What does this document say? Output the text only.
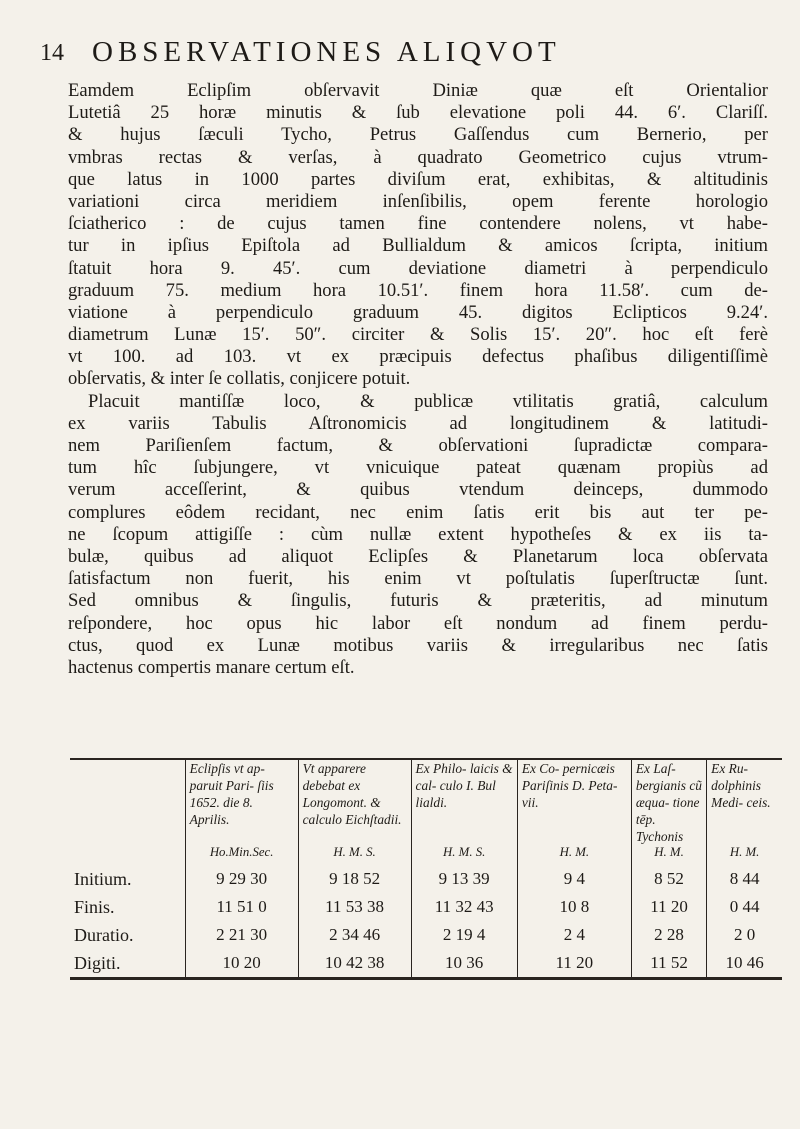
14 OBSERVATIONES ALIQVOT
Eamdem Eclipſim obſervavit Diniæ quæ eſt Orientalior
Lutetiâ 25 horæ minutis & ſub elevatione poli 44. 6′. Clariſſ.
& hujus ſæculi Tycho, Petrus Gaſſendus cum Bernerio, per
vmbras rectas & verſas, à quadrato Geometrico cujus vtrum-
que latus in 1000 partes diviſum erat, exhibitas, & altitudinis
variationi circa meridiem inſenſibilis, opem ferente horologio
ſciatherico : de cujus tamen fine contendere nolens, vt habe-
tur in ipſius Epiſtola ad Bullialdum & amicos ſcripta, initium
ſtatuit hora 9. 45′. cum deviatione diametri à perpendiculo
graduum 75. medium hora 10.51′. finem hora 11.58′. cum de-
viatione à perpendiculo graduum 45. digitos Eclipticos 9.24′.
diametrum Lunæ 15′. 50″. circiter & Solis 15′. 20″. hoc eſt ferè
vt 100. ad 103. vt ex præcipuis defectus phaſibus diligentiſſimè
obſervatis, & inter ſe collatis, conjicere potuit.
Placuit mantiſſæ loco, & publicæ vtilitatis gratiâ, calculum
ex variis Tabulis Aſtronomicis ad longitudinem & latitudi-
nem Pariſienſem factum, & obſervationi ſupradictæ compara-
tum hîc ſubjungere, vt vnicuique pateat quænam propiùs ad
verum acceſſerint, & quibus vtendum deinceps, dummodo
complures eôdem recidant, nec enim ſatis erit bis aut ter pe-
ne ſcopum attigiſſe : cùm nullæ extent hypotheſes & ex iis ta-
bulæ, quibus ad aliquot Eclipſes & Planetarum loca obſervata
ſatisfactum non fuerit, his enim vt poſtulatis ſuperſtructæ ſunt.
Sed omnibus & ſingulis, futuris & præteritis, ad minutum
reſpondere, hoc opus hic labor eſt nondum ad finem perdu-
ctus, quod ex Lunæ motibus variis & irregularibus nec ſatis
hactenus compertis manare certum eſt.
	Eclipſis vt ap- paruit Pari- ſiis 1652. die 8. Aprilis.	Vt apparere debebat ex Longomont. & calculo Eichſtadii.	Ex Philo- laicis & cal- culo I. Bul lialdi.	Ex Co- pernicæis Pariſinis D. Peta- vii.	Ex Laſ- bergianis cũ æqua- tione tēp. Tychonis	Ex Ru- dolphinis Medi- ceis.
	Ho.Min.Sec.	H. M. S.	H. M. S.	H. M.	H. M.	H. M.
Initium.	9 29 30	9 18 52	9 13 39	9 4	8 52	8 44
Finis.	11 51 0	11 53 38	11 32 43	10 8	11 20	0 44
Duratio.	2 21 30	2 34 46	2 19 4	2 4	2 28	2 0
Digiti.	10 20	10 42 38	10 36	11 20	11 52	10 46
